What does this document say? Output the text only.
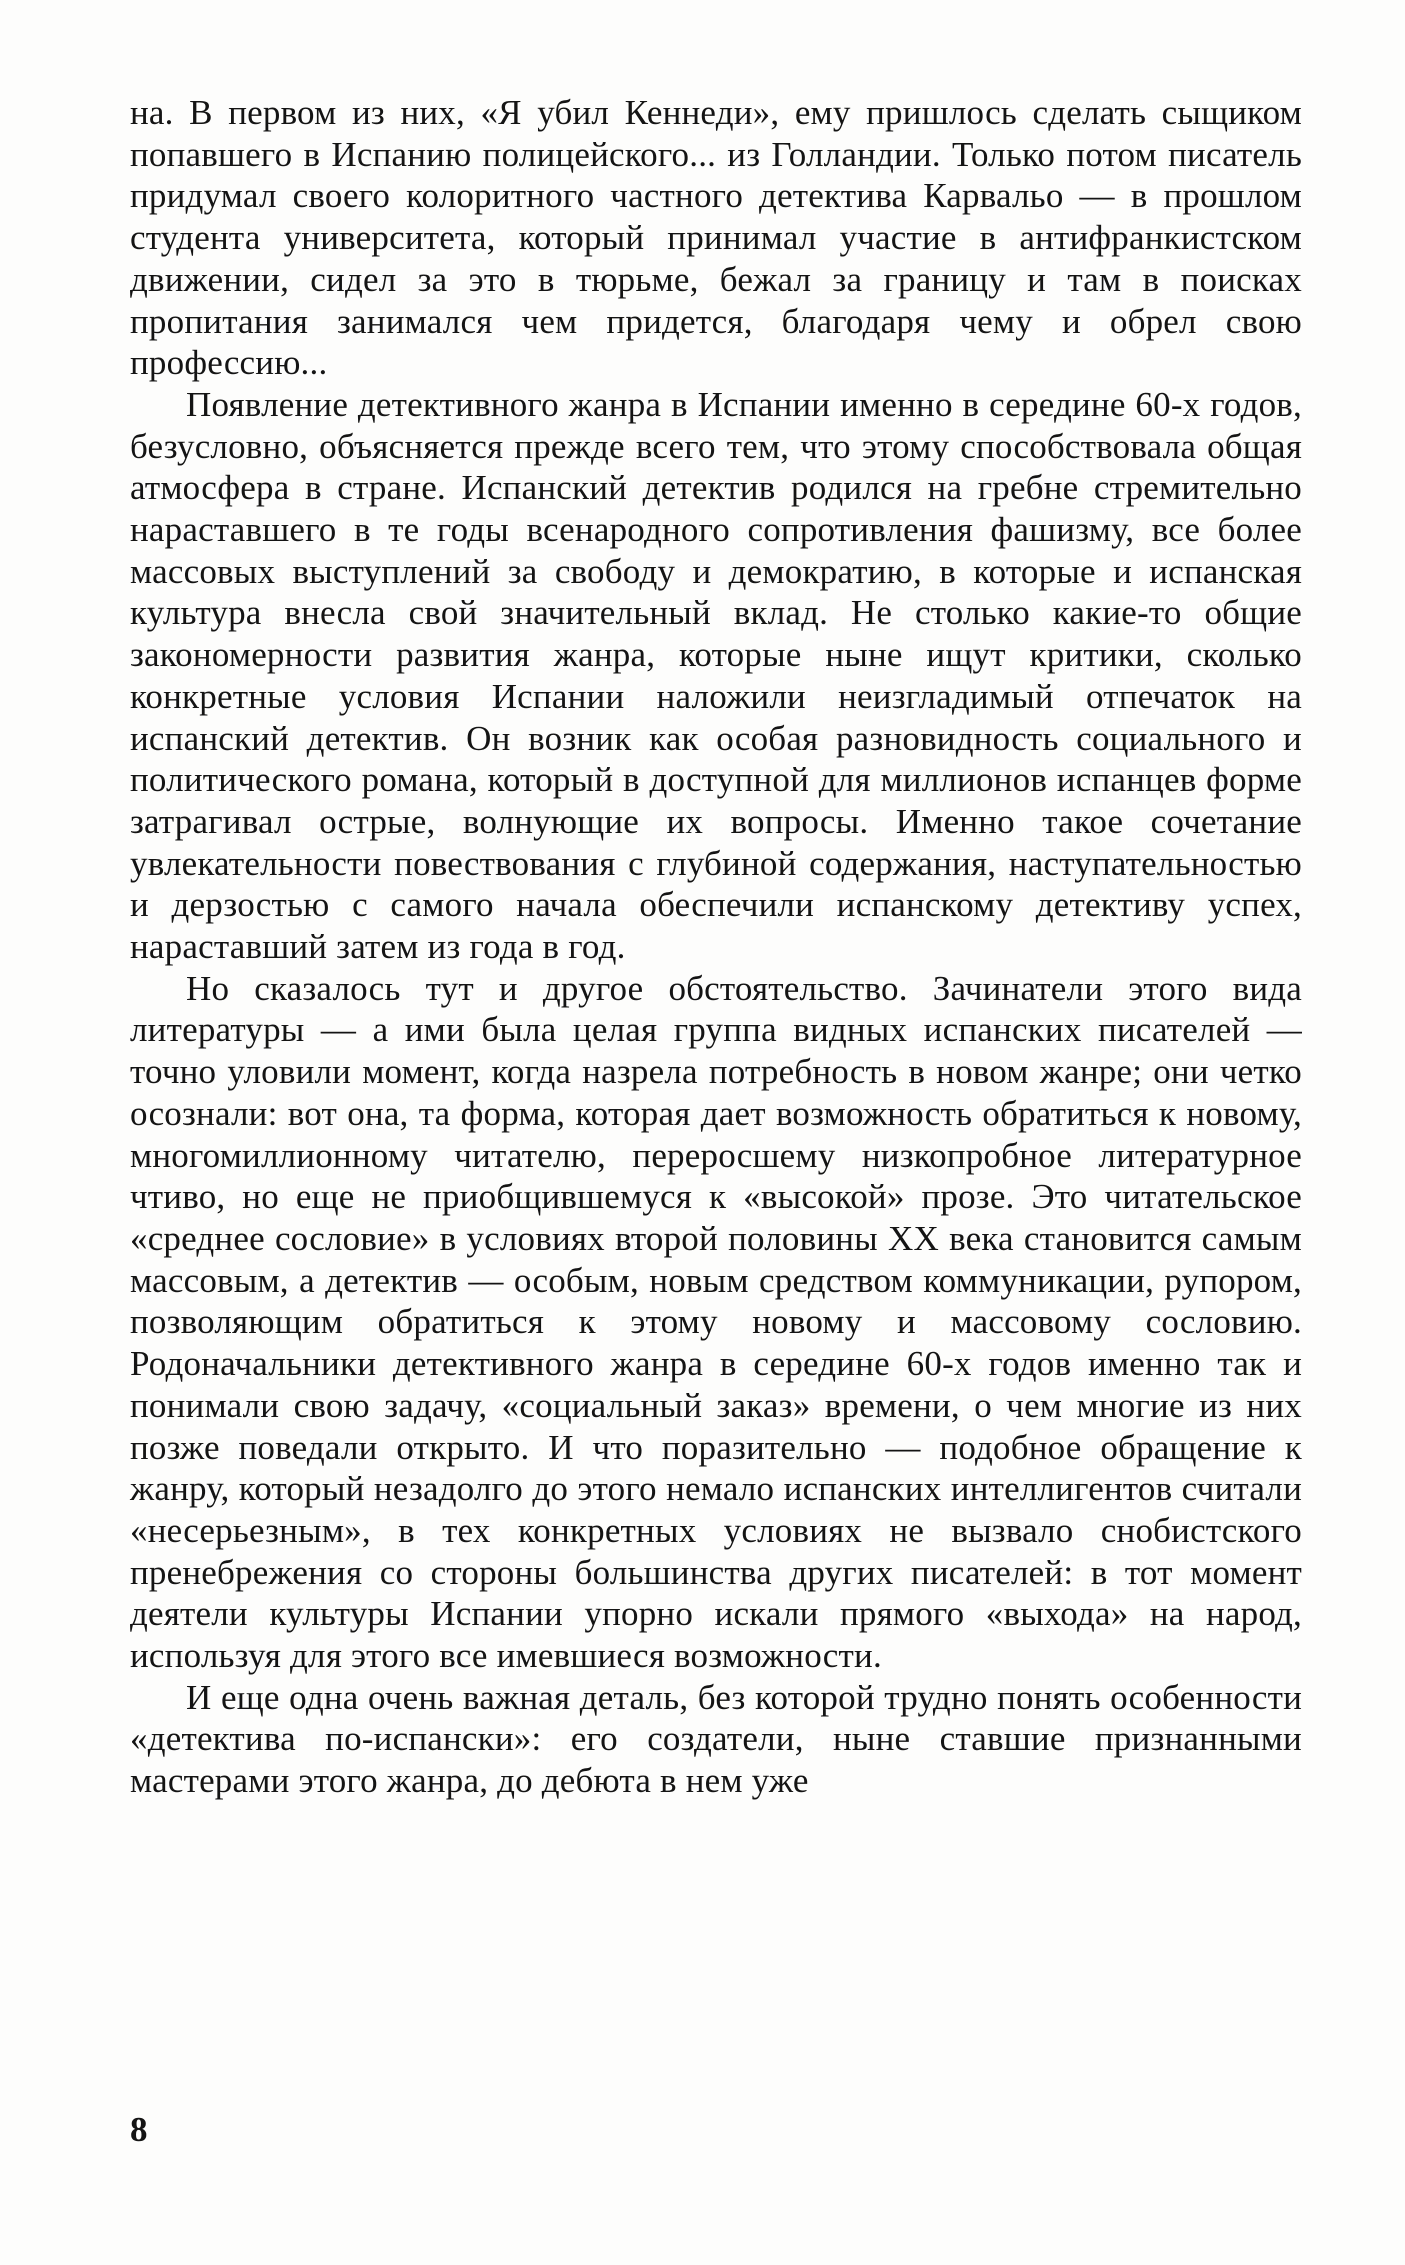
на. В первом из них, «Я убил Кеннеди», ему пришлось сделать сыщиком попавшего в Испанию полицейского... из Голландии. Только потом писатель придумал своего колоритного частного детектива Карвальо — в прошлом студента университета, который принимал участие в антифранкистском движении, сидел за это в тюрьме, бежал за границу и там в поисках пропитания занимался чем придется, благодаря чему и обрел свою профессию...

Появление детективного жанра в Испании именно в середине 60-х годов, безусловно, объясняется прежде всего тем, что этому способствовала общая атмосфера в стране. Испанский детектив родился на гребне стремительно нараставшего в те годы всенародного сопротивления фашизму, все более массовых выступлений за свободу и демократию, в которые и испанская культура внесла свой значительный вклад. Не столько какие-то общие закономерности развития жанра, которые ныне ищут критики, сколько конкретные условия Испании наложили неизгладимый отпечаток на испанский детектив. Он возник как особая разновидность социального и политического романа, который в доступной для миллионов испанцев форме затрагивал острые, волнующие их вопросы. Именно такое сочетание увлекательности повествования с глубиной содержания, наступательностью и дерзостью с самого начала обеспечили испанскому детективу успех, нараставший затем из года в год.

Но сказалось тут и другое обстоятельство. Зачинатели этого вида литературы — а ими была целая группа видных испанских писателей — точно уловили момент, когда назрела потребность в новом жанре; они четко осознали: вот она, та форма, которая дает возможность обратиться к новому, многомиллионному читателю, переросшему низкопробное литературное чтиво, но еще не приобщившемуся к «высокой» прозе. Это читательское «среднее сословие» в условиях второй половины XX века становится самым массовым, а детектив — особым, новым средством коммуникации, рупором, позволяющим обратиться к этому новому и массовому сословию. Родоначальники детективного жанра в середине 60-х годов именно так и понимали свою задачу, «социальный заказ» времени, о чем многие из них позже поведали открыто. И что поразительно — подобное обращение к жанру, который незадолго до этого немало испанских интеллигентов считали «несерьезным», в тех конкретных условиях не вызвало снобистского пренебрежения со стороны большинства других писателей: в тот момент деятели культуры Испании упорно искали прямого «выхода» на народ, используя для этого все имевшиеся возможности.

И еще одна очень важная деталь, без которой трудно понять особенности «детектива по-испански»: его создатели, ныне ставшие признанными мастерами этого жанра, до дебюта в нем уже

8
